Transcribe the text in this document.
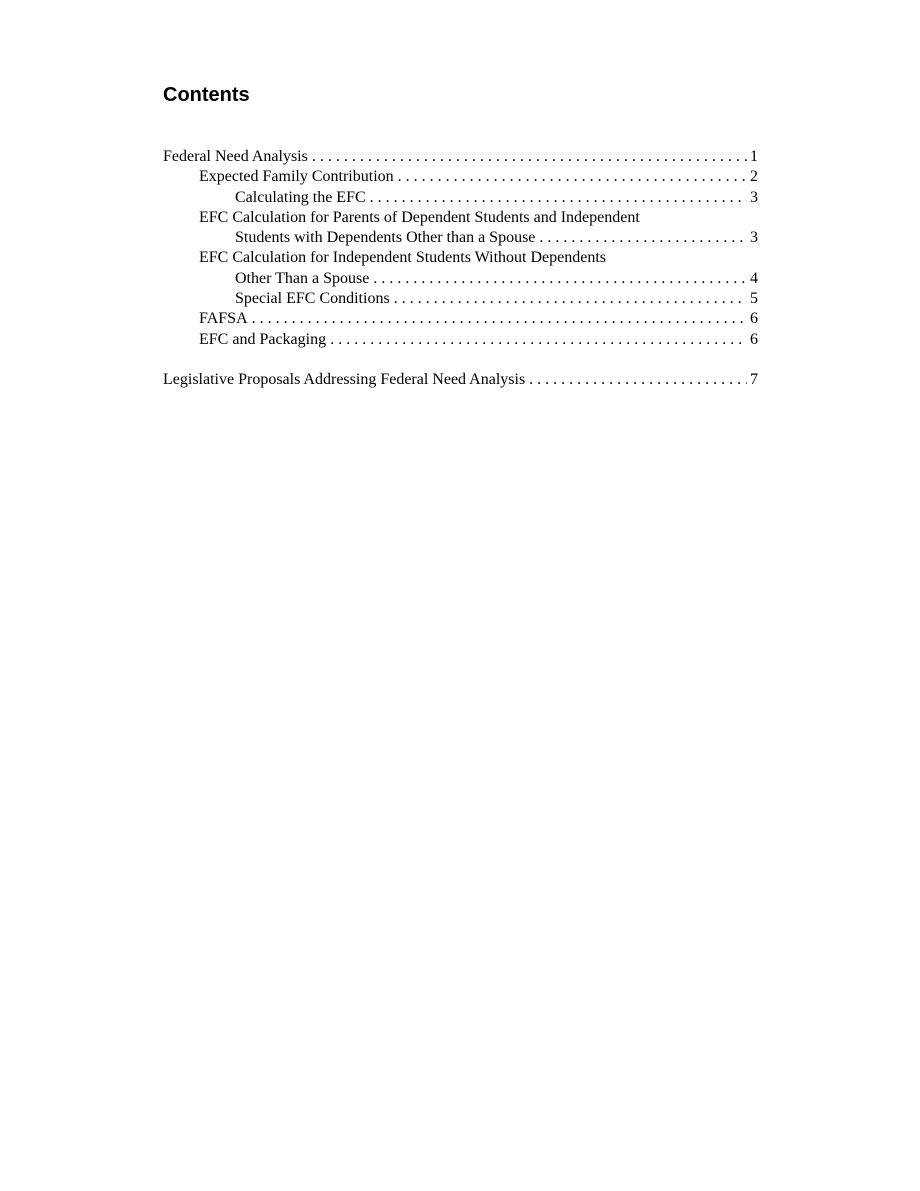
Contents
Federal Need Analysis . . .	1
Expected Family Contribution . . .	2
Calculating the EFC . . .	3
EFC Calculation for Parents of Dependent Students and Independent
Students with Dependents Other than a Spouse . . .	3
EFC Calculation for Independent Students Without Dependents
Other Than a Spouse . . .	4
Special EFC Conditions . . .	5
FAFSA . . .	6
EFC and Packaging . . .	6
Legislative Proposals Addressing Federal Need Analysis . . .	7
